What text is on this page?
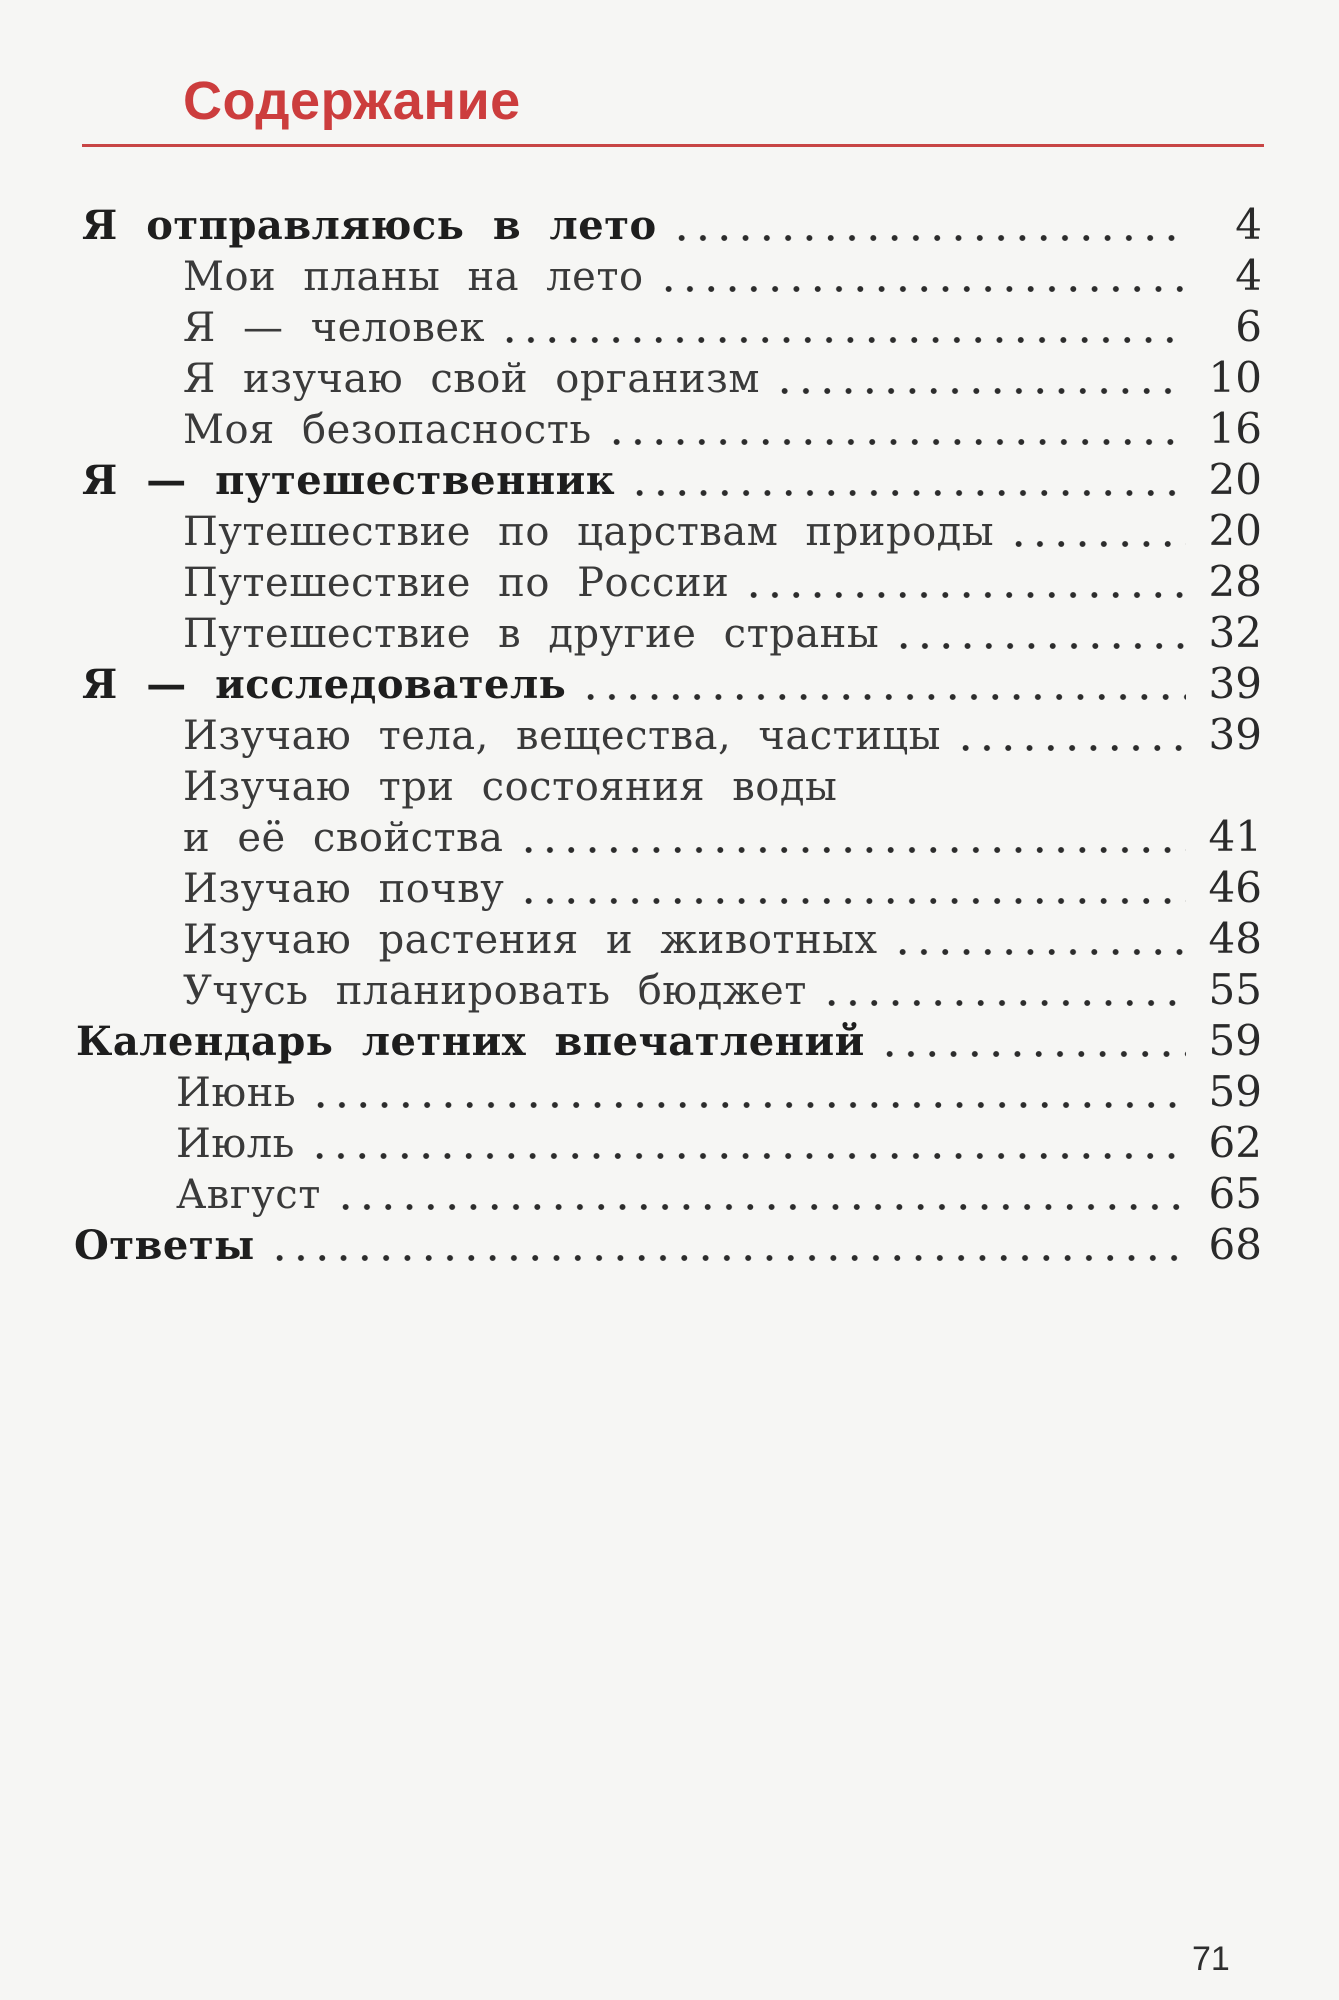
Содержание
Я отправляюсь в лето	4
Мои планы на лето	4
Я — человек	6
Я изучаю свой организм	10
Моя безопасность	16
Я — путешественник	20
Путешествие по царствам природы	20
Путешествие по России	28
Путешествие в другие страны	32
Я — исследователь	39
Изучаю тела, вещества, частицы	39
Изучаю три состояния воды
и её свойства	41
Изучаю почву	46
Изучаю растения и животных	48
Учусь планировать бюджет	55
Календарь летних впечатлений	59
Июнь	59
Июль	62
Август	65
Ответы	68
71
